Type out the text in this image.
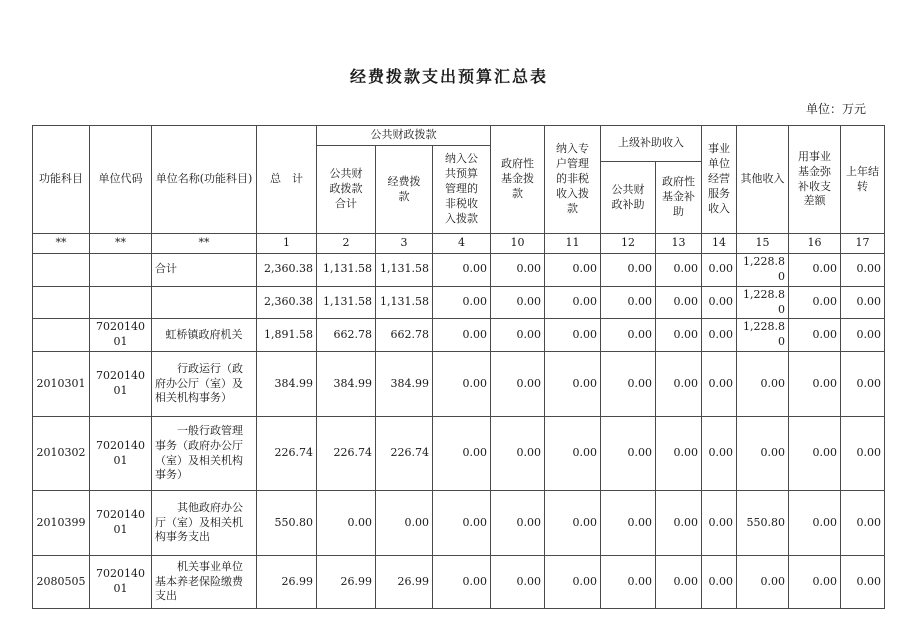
经费拨款支出预算汇总表
单位：万元
功能科目	单位代码	单位名称(功能科目)	总　计	公共财政拨款			政府性基金拨款	纳入专户管理的非税收入拨款	上级补助收入		事业单位经营服务收入	其他收入	用事业基金弥补收支差额	上年结转
				公共财政拨款合计	经费拨款	纳入公共预算管理的非税收入拨款								
									公共财政补助	政府性基金补助				
**	**	**	1	2	3	4	10	11	12	13	14	15	16	17
		合计	2,360.38	1,131.58	1,131.58	0.00	0.00	0.00	0.00	0.00	0.00	1,228.80	0.00	0.00
			2,360.38	1,131.58	1,131.58	0.00	0.00	0.00	0.00	0.00	0.00	1,228.80	0.00	0.00
	702014001	虹桥镇政府机关	1,891.58	662.78	662.78	0.00	0.00	0.00	0.00	0.00	0.00	1,228.80	0.00	0.00
2010301	702014001	行政运行（政府办公厅（室）及相关机构事务）	384.99	384.99	384.99	0.00	0.00	0.00	0.00	0.00	0.00	0.00	0.00	0.00
2010302	702014001	一般行政管理事务（政府办公厅（室）及相关机构事务）	226.74	226.74	226.74	0.00	0.00	0.00	0.00	0.00	0.00	0.00	0.00	0.00
2010399	702014001	其他政府办公厅（室）及相关机构事务支出	550.80	0.00	0.00	0.00	0.00	0.00	0.00	0.00	0.00	550.80	0.00	0.00
2080505	702014001	机关事业单位基本养老保险缴费支出	26.99	26.99	26.99	0.00	0.00	0.00	0.00	0.00	0.00	0.00	0.00	0.00
